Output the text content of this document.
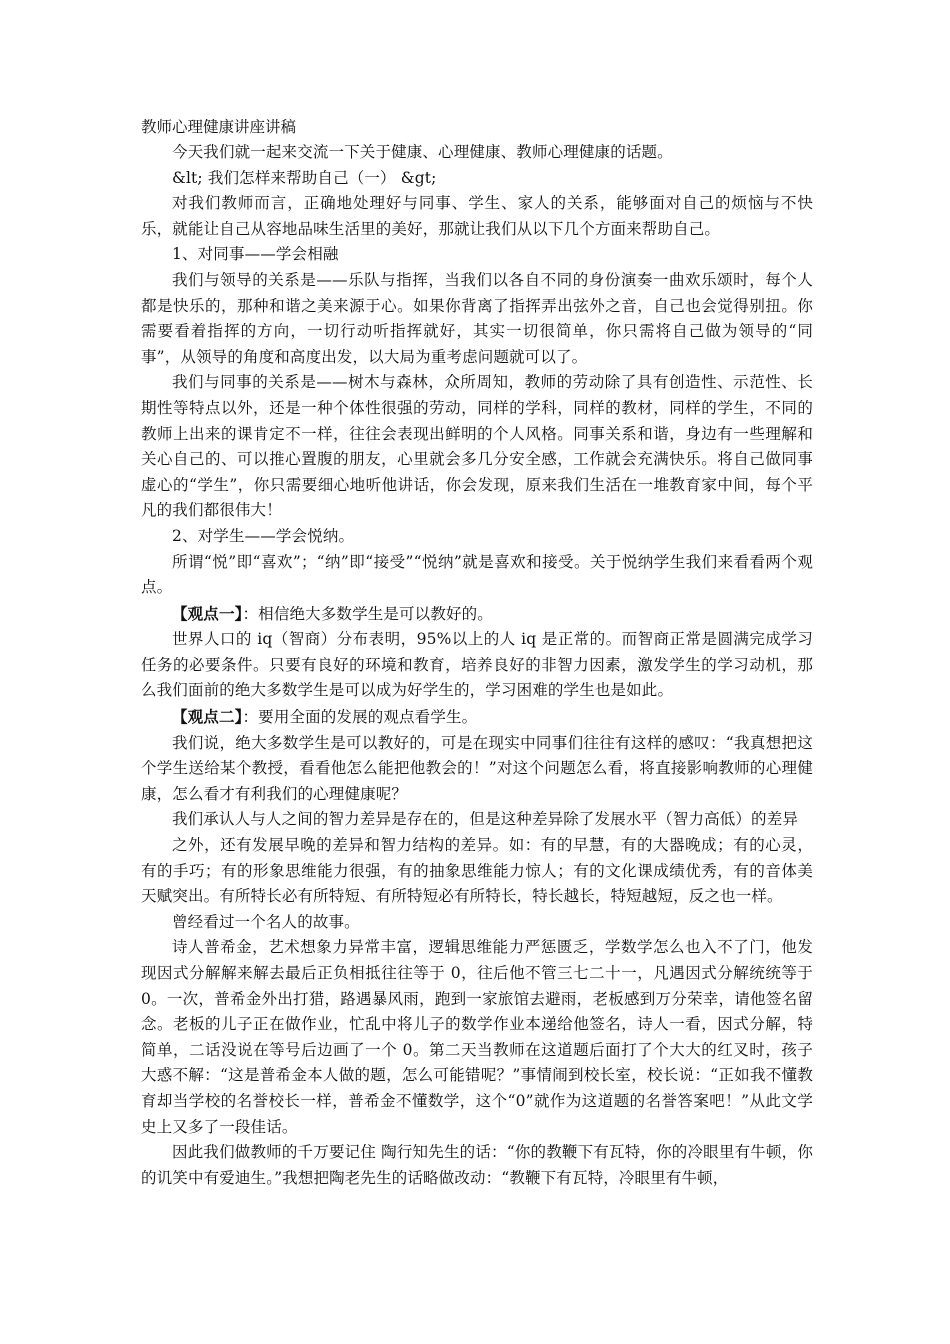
教师心理健康讲座讲稿

今天我们就一起来交流一下关于健康、心理健康、教师心理健康的话题。

&lt; 我们怎样来帮助自己（一） &gt;

对我们教师而言，正确地处理好与同事、学生、家人的关系，能够面对自己的烦恼与不快乐，就能让自己从容地品味生活里的美好，那就让我们从以下几个方面来帮助自己。

1、对同事——学会相融

我们与领导的关系是——乐队与指挥，当我们以各自不同的身份演奏一曲欢乐颂时，每个人都是快乐的，那种和谐之美来源于心。如果你背离了指挥弄出弦外之音，自己也会觉得别扭。你需要看着指挥的方向，一切行动听指挥就好，其实一切很简单，你只需将自己做为领导的“同事”，从领导的角度和高度出发，以大局为重考虑问题就可以了。

我们与同事的关系是——树木与森林，众所周知，教师的劳动除了具有创造性、示范性、长期性等特点以外，还是一种个体性很强的劳动，同样的学科，同样的教材，同样的学生，不同的教师上出来的课肯定不一样，往往会表现出鲜明的个人风格。同事关系和谐，身边有一些理解和关心自己的、可以推心置腹的朋友，心里就会多几分安全感，工作就会充满快乐。将自己做同事虚心的“学生”，你只需要细心地听他讲话，你会发现，原来我们生活在一堆教育家中间，每个平凡的我们都很伟大！

2、对学生——学会悦纳。

所谓“悦”即“喜欢”；“纳”即“接受”“悦纳”就是喜欢和接受。关于悦纳学生我们来看看两个观点。

【观点一】：相信绝大多数学生是可以教好的。

世界人口的 iq（智商）分布表明，95%以上的人 iq 是正常的。而智商正常是圆满完成学习任务的必要条件。只要有良好的环境和教育，培养良好的非智力因素，激发学生的学习动机，那么我们面前的绝大多数学生是可以成为好学生的，学习困难的学生也是如此。

【观点二】：要用全面的发展的观点看学生。

我们说，绝大多数学生是可以教好的，可是在现实中同事们往往有这样的感叹：“我真想把这个学生送给某个教授，看看他怎么能把他教会的！”对这个问题怎么看，将直接影响教师的心理健康，怎么看才有利我们的心理健康呢？

我们承认人与人之间的智力差异是存在的，但是这种差异除了发展水平（智力高低）的差异

之外，还有发展早晚的差异和智力结构的差异。如：有的早慧，有的大器晚成；有的心灵，有的手巧；有的形象思维能力很强，有的抽象思维能力惊人；有的文化课成绩优秀，有的音体美天赋突出。有所特长必有所特短、有所特短必有所特长，特长越长，特短越短，反之也一样。

曾经看过一个名人的故事。

诗人普希金，艺术想象力异常丰富，逻辑思维能力严惩匮乏，学数学怎么也入不了门，他发现因式分解解来解去最后正负相抵往往等于 0，往后他不管三七二十一，凡遇因式分解统统等于 0。一次，普希金外出打猎，路遇暴风雨，跑到一家旅馆去避雨，老板感到万分荣幸，请他签名留念。老板的儿子正在做作业，忙乱中将儿子的数学作业本递给他签名，诗人一看，因式分解，特简单，二话没说在等号后边画了一个 0。第二天当教师在这道题后面打了个大大的红叉时，孩子大惑不解：“这是普希金本人做的题，怎么可能错呢？”事情闹到校长室，校长说：“正如我不懂教育却当学校的名誉校长一样，普希金不懂数学，这个“0”就作为这道题的名誉答案吧！”从此文学史上又多了一段佳话。

因此我们做教师的千万要记住 陶行知先生的话：“你的教鞭下有瓦特，你的冷眼里有牛顿，你的讥笑中有爱迪生。”我想把陶老先生的话略做改动：“教鞭下有瓦特，冷眼里有牛顿，
